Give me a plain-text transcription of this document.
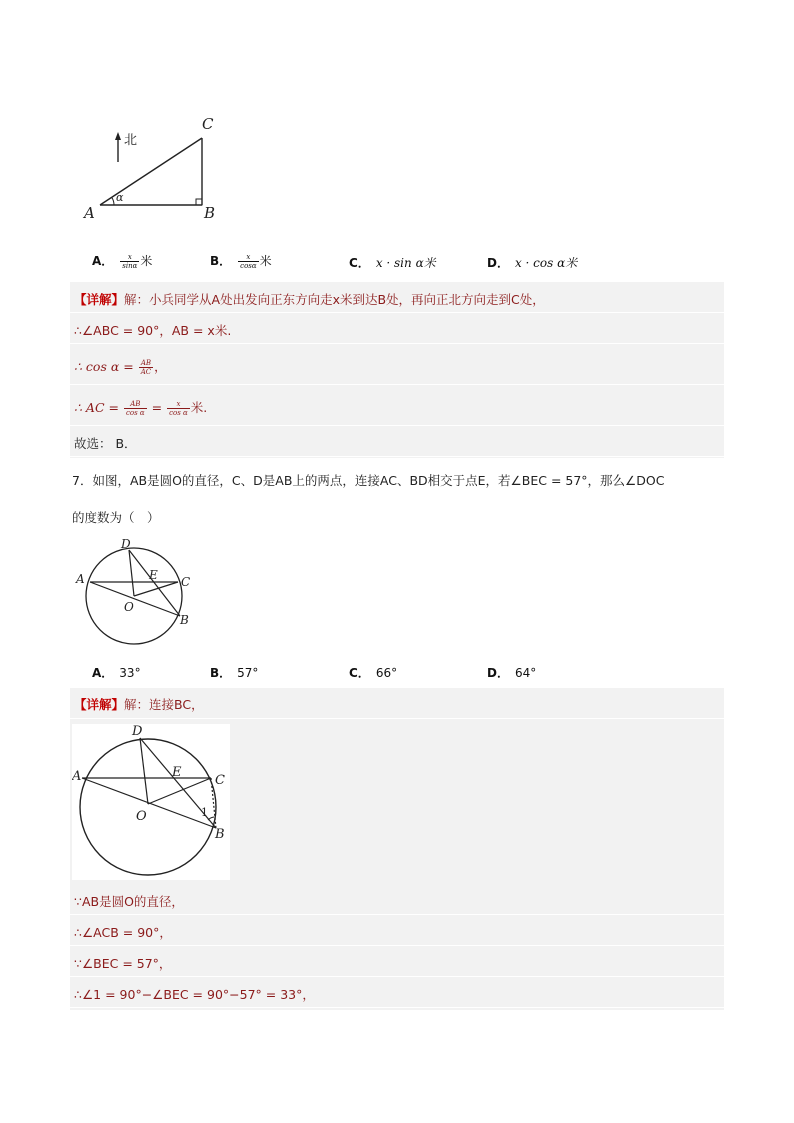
北
C
A	B
α
A． $\frac{x}{\sin\alpha}$ 米	B． $\frac{x}{\cos\alpha}$ 米	C． x · sin α米	D． x · cos α米
【详解】解：小兵同学从A处出发向正东方向走x米到达B处，再向正北方向走到C处，
∴∠ABC = 90°，AB = x米.
∴ $\cos \alpha = \frac{AB}{AC}$ ，
∴ AC = $\frac{AB}{\text{cos α}} = \frac{x}{\text{cos α}}$ 米.
故选： B．
7．如图，AB是圆O的直径，C、D是AB上的两点，连接AC、BD相交于点E，若∠BEC = 57°，那么∠DOC
的度数为（　）
D
A	E C
O
B
A． 33°	B． 57°	C． 66°	D． 64°
【详解】解：连接BC，
∵AB是圆O的直径，
∴∠ACB = 90°，
∵∠BEC = 57°，
∴∠1 = 90°−∠BEC = 90°−57° = 33°，
D
A	E
C
O
B
1
